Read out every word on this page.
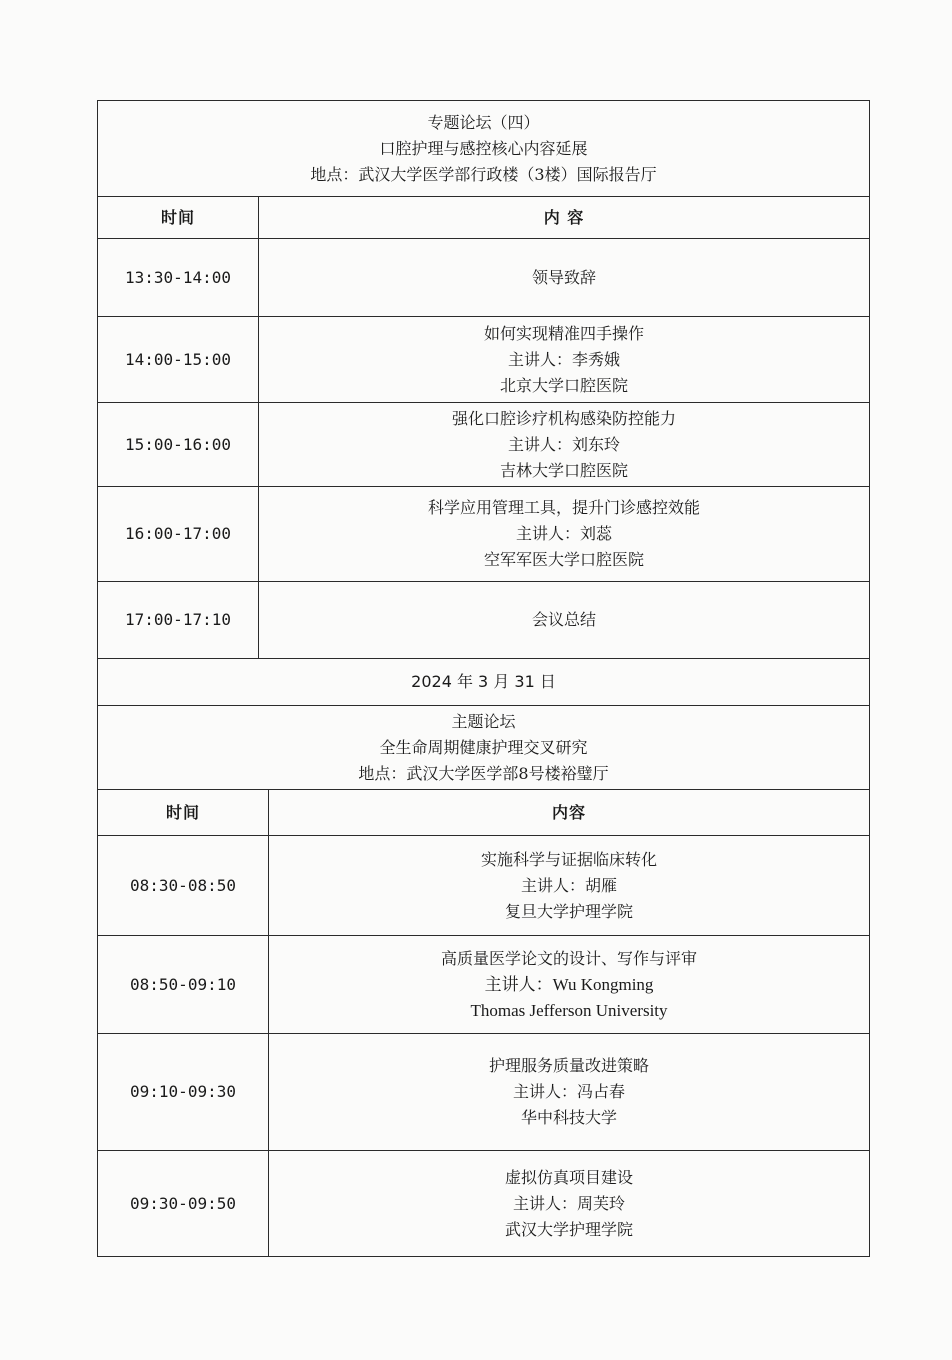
专题论坛（四）
口腔护理与感控核心内容延展
地点：武汉大学医学部行政楼（3楼）国际报告厅		

时间	内 容	
13:30-14:00	领导致辞	

14:00-15:00	如何实现精准四手操作
主讲人：李秀娥
北京大学口腔医院	

15:00-16:00	强化口腔诊疗机构感染防控能力
主讲人：刘东玲
吉林大学口腔医院	

16:00-17:00	科学应用管理工具，提升门诊感控效能
主讲人：刘蕊
空军军医大学口腔医院	

17:00-17:10	会议总结	

2024 年 3 月 31 日		

主题论坛
全生命周期健康护理交叉研究
地点：武汉大学医学部8号楼裕璧厅		

时间		内容
08:30-08:50		实施科学与证据临床转化
主讲人：胡雁
复旦大学护理学院

08:50-09:10		高质量医学论文的设计、写作与评审
主讲人：Wu Kongming
Thomas Jefferson University

09:10-09:30		护理服务质量改进策略
主讲人：冯占春
华中科技大学

09:30-09:50		虚拟仿真项目建设
主讲人：周芙玲
武汉大学护理学院
